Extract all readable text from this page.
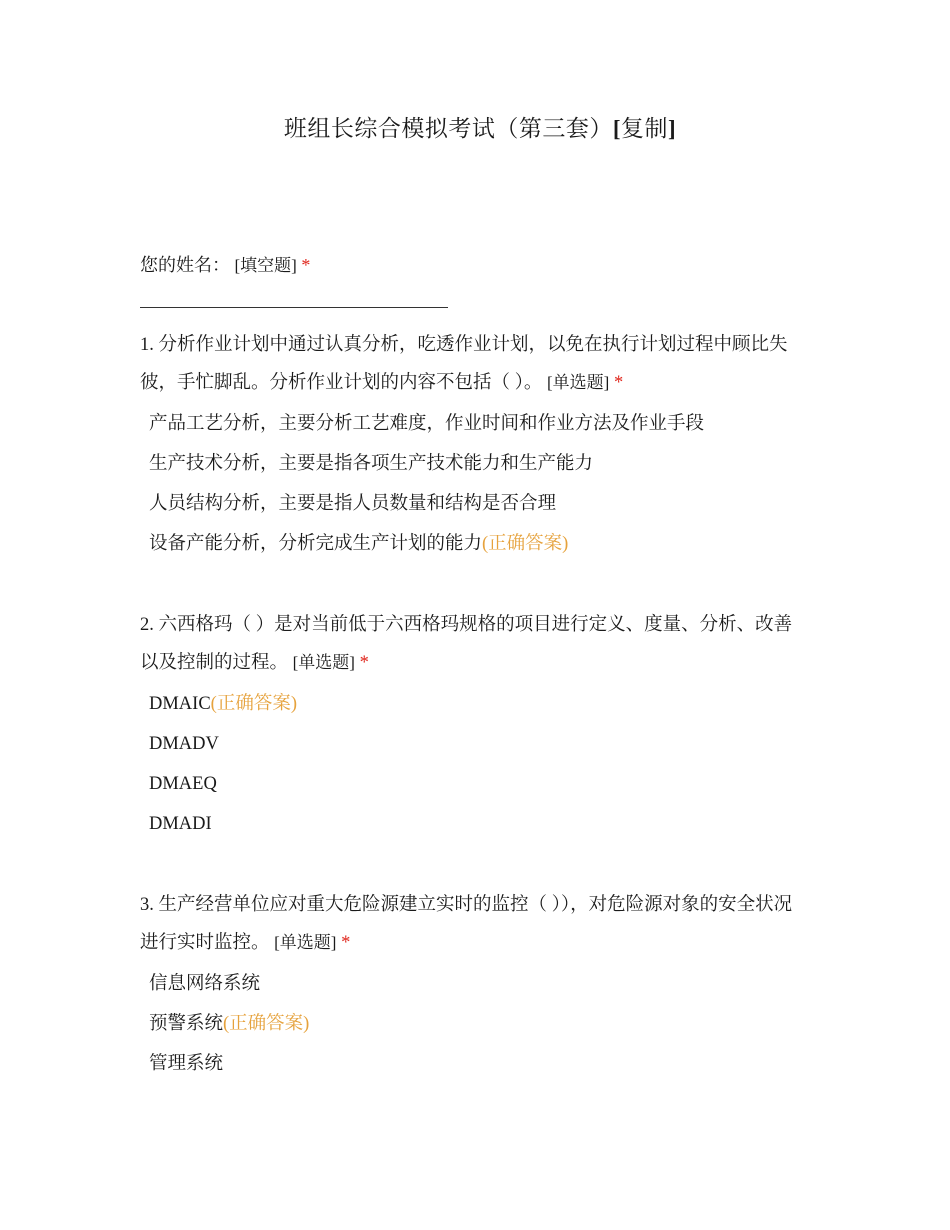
班组长综合模拟考试（第三套）[复制]
您的姓名： [填空题] *
1. 分析作业计划中通过认真分析，吃透作业计划，以免在执行计划过程中顾比失彼，手忙脚乱。分析作业计划的内容不包括（ ）。 [单选题] *
产品工艺分析，主要分析工艺难度，作业时间和作业方法及作业手段
生产技术分析，主要是指各项生产技术能力和生产能力
人员结构分析，主要是指人员数量和结构是否合理
设备产能分析，分析完成生产计划的能力(正确答案)
2. 六西格玛（ ）是对当前低于六西格玛规格的项目进行定义、度量、分析、改善以及控制的过程。 [单选题] *
DMAIC(正确答案)
DMADV
DMAEQ
DMADI
3. 生产经营单位应对重大危险源建立实时的监控（ ）），对危险源对象的安全状况进行实时监控。 [单选题] *
信息网络系统
预警系统(正确答案)
管理系统
